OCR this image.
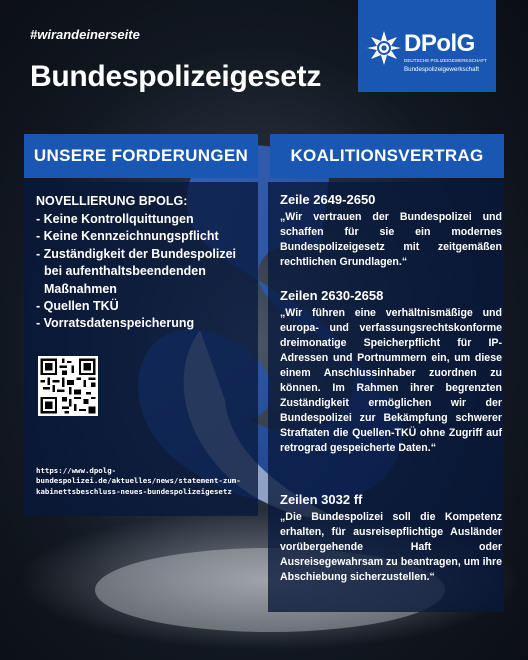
#wirandeinerseite
Bundespolizeigesetz
DPolG
DEUTSCHE POLIZEIGEWERKSCHAFT
Bundespolizeigewerkschaft
UNSERE FORDERUNGEN	KOALITIONSVERTRAG
NOVELLIERUNG BPOLG:
- Keine Kontrollquittungen
- Keine Kennzeichnungspflicht
- Zuständigkeit der Bundespolizei bei aufenthaltsbeendenden Maßnahmen
- Quellen TKÜ
- Vorratsdatenspeicherung
https://www.dpolg-bundespolizei.de/aktuelles/news/statement-zum-kabinettsbeschluss-neues-bundespolizeigesetz
Zeile 2649-2650

„Wir vertrauen der Bundespolizei und schaffen für sie ein modernes Bundespolizeigesetz mit zeitgemäßen rechtlichen Grundlagen.“

Zeilen 2630-2658

„Wir führen eine verhältnismäßige und europa- und verfassungsrechtskonforme dreimonatige Speicherpflicht für IP-Adressen und Portnummern ein, um diese einem Anschlussinhaber zuordnen zu können. Im Rahmen ihrer begrenzten Zuständigkeit ermöglichen wir der Bundespolizei zur Bekämpfung schwerer Straftaten die Quellen-TKÜ ohne Zugriff auf retrograd gespeicherte Daten.“

Zeilen 3032 ff

„Die Bundespolizei soll die Kompetenz erhalten, für ausreisepflichtige Ausländer vorübergehende Haft oder Ausreisegewahrsam zu beantragen, um ihre Abschiebung sicherzustellen.“
